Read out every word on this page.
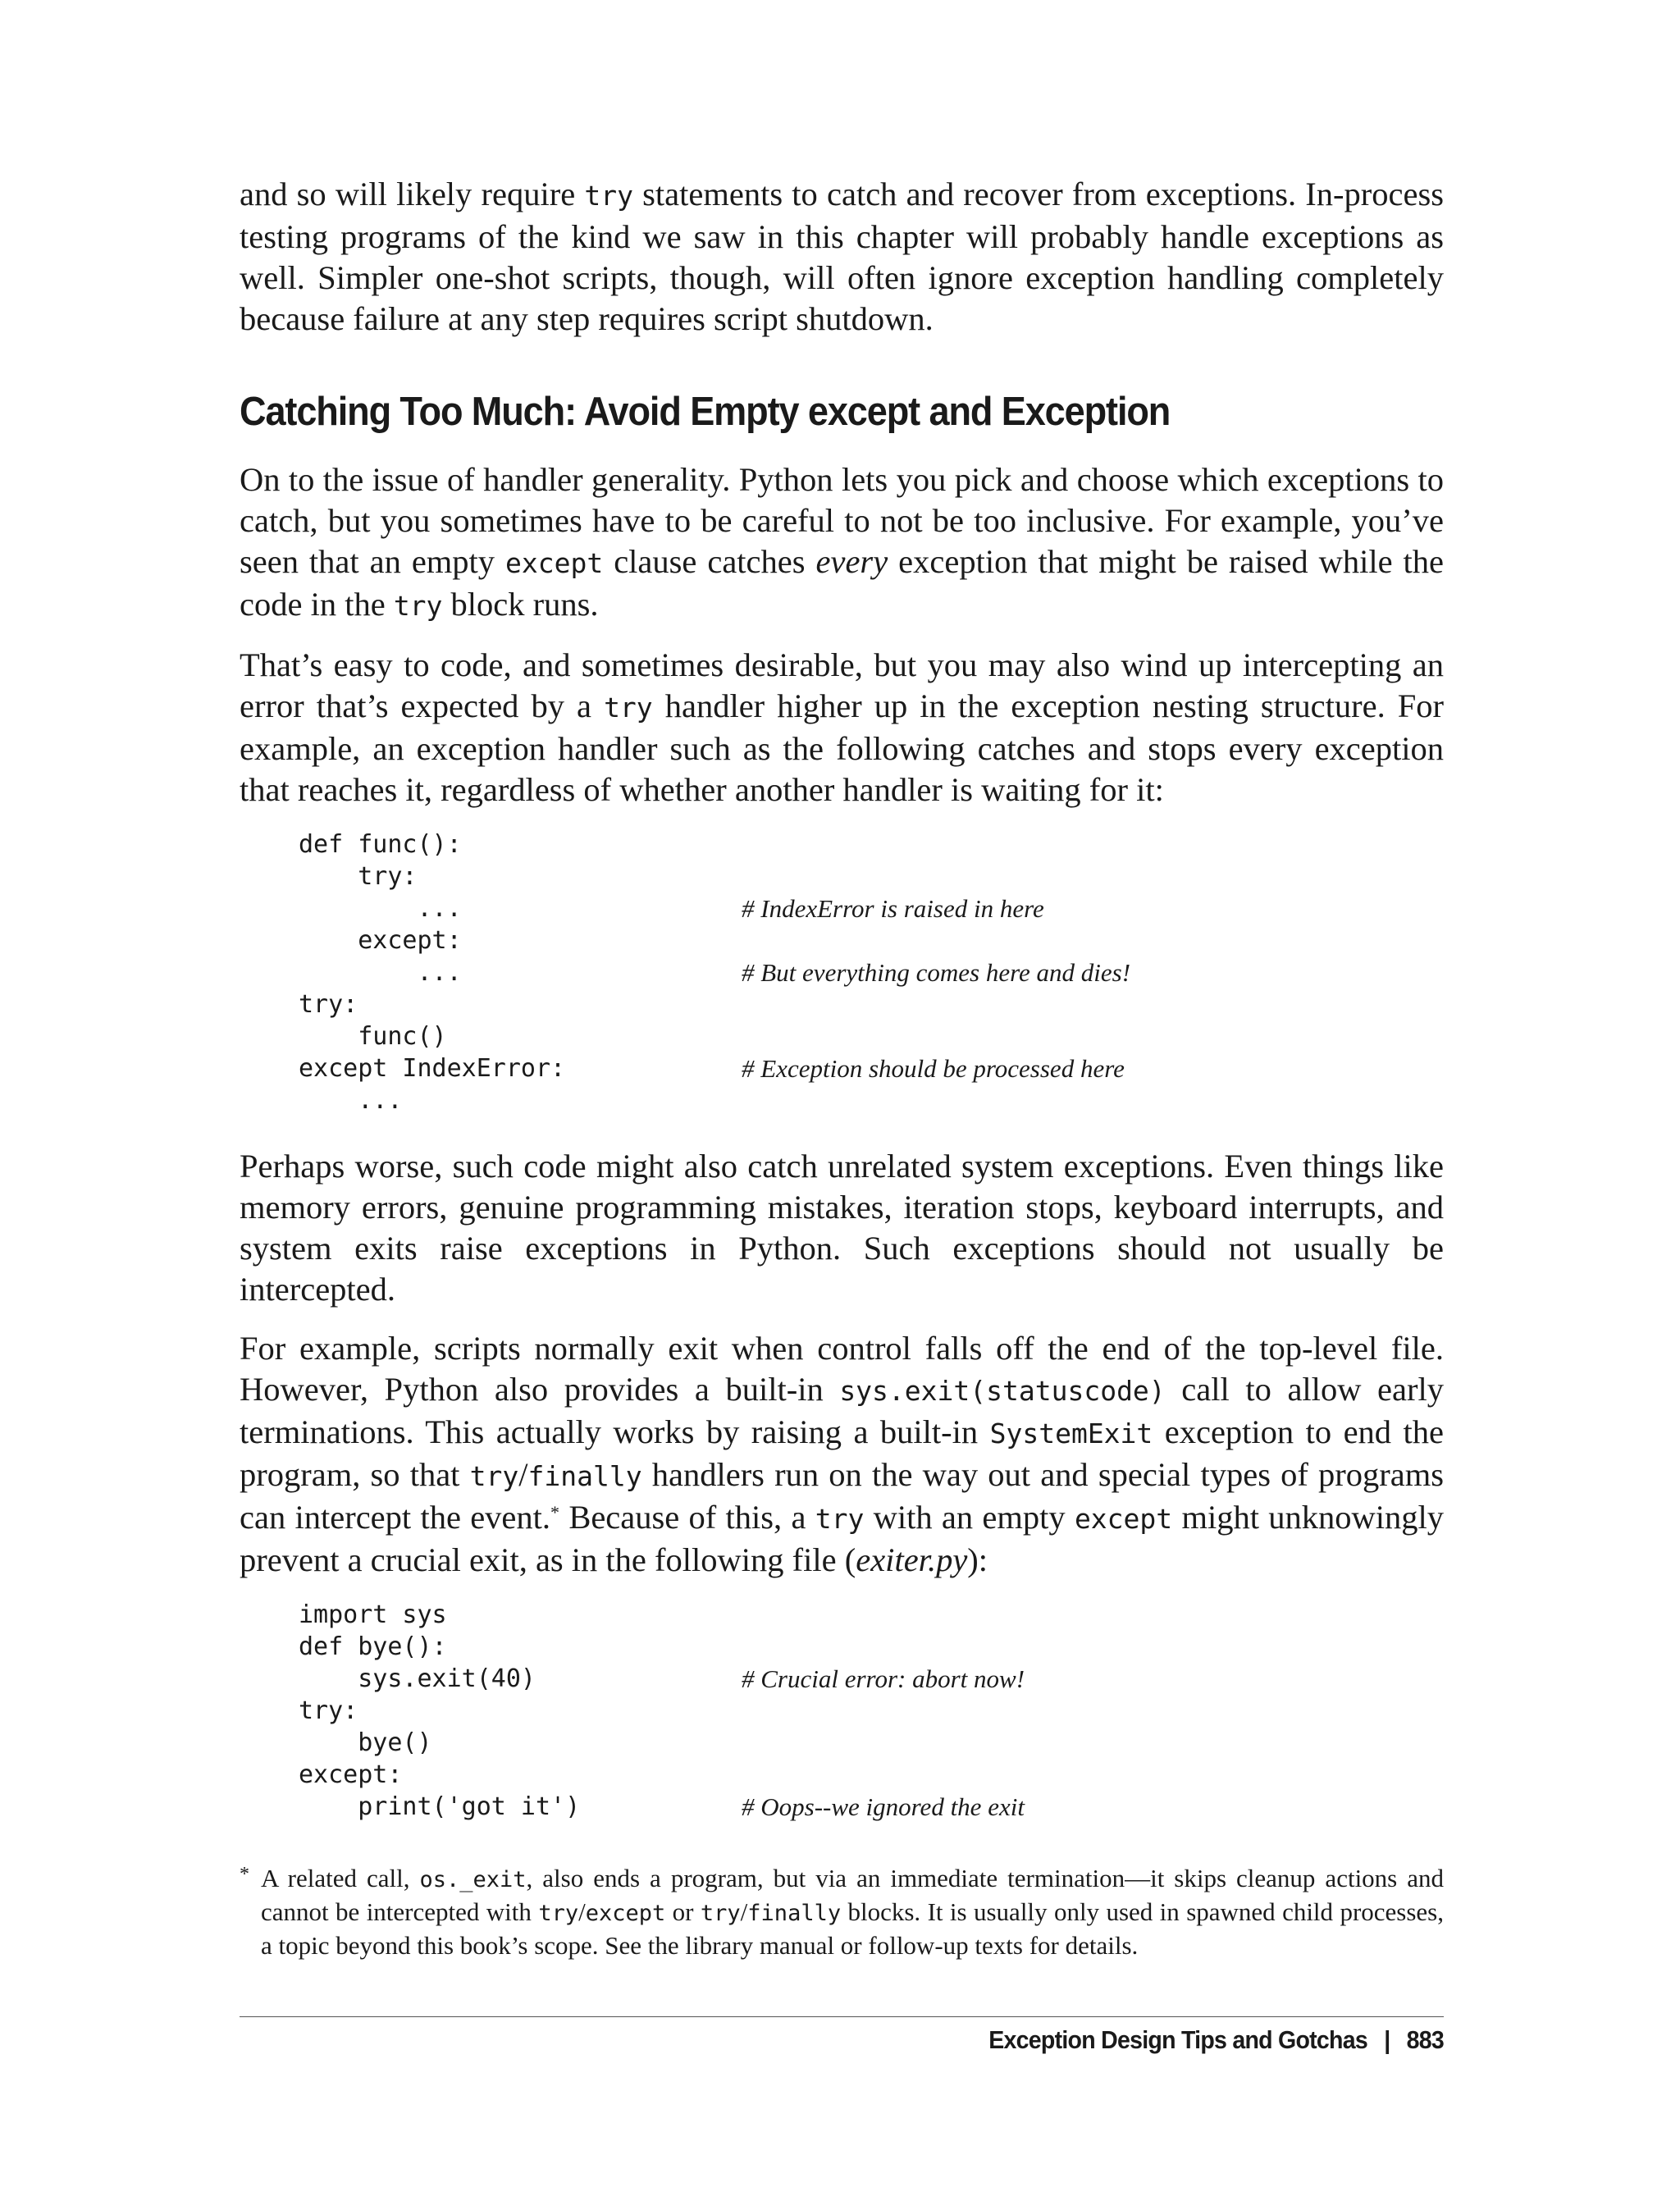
and so will likely require try statements to catch and recover from exceptions. In-process testing programs of the kind we saw in this chapter will probably handle exceptions as well. Simpler one-shot scripts, though, will often ignore exception handling completely because failure at any step requires script shutdown.

Catching Too Much: Avoid Empty except and Exception

On to the issue of handler generality. Python lets you pick and choose which exceptions to catch, but you sometimes have to be careful to not be too inclusive. For example, you’ve seen that an empty except clause catches every exception that might be raised while the code in the try block runs.

That’s easy to code, and sometimes desirable, but you may also wind up intercepting an error that’s expected by a try handler higher up in the exception nesting structure. For example, an exception handler such as the following catches and stops every exception that reaches it, regardless of whether another handler is waiting for it:

def func():
try:
...	# IndexError is raised in here
except:
...	# But everything comes here and dies!
try:
func()
except IndexError:	# Exception should be processed here
...

Perhaps worse, such code might also catch unrelated system exceptions. Even things like memory errors, genuine programming mistakes, iteration stops, keyboard interrupts, and system exits raise exceptions in Python. Such exceptions should not usually be intercepted.

For example, scripts normally exit when control falls off the end of the top-level file. However, Python also provides a built-in sys.exit(statuscode) call to allow early terminations. This actually works by raising a built-in SystemExit exception to end the program, so that try/finally handlers run on the way out and special types of programs can intercept the event.* Because of this, a try with an empty except might unknowingly prevent a crucial exit, as in the following file (exiter.py):

import sys
def bye():
sys.exit(40)	# Crucial error: abort now!
try:
bye()
except:
print('got it')	# Oops--we ignored the exit
* A related call, os._exit, also ends a program, but via an immediate termination—it skips cleanup actions and cannot be intercepted with try/except or try/finally blocks. It is usually only used in spawned child processes, a topic beyond this book’s scope. See the library manual or follow-up texts for details.
Exception Design Tips and Gotchas | 883
